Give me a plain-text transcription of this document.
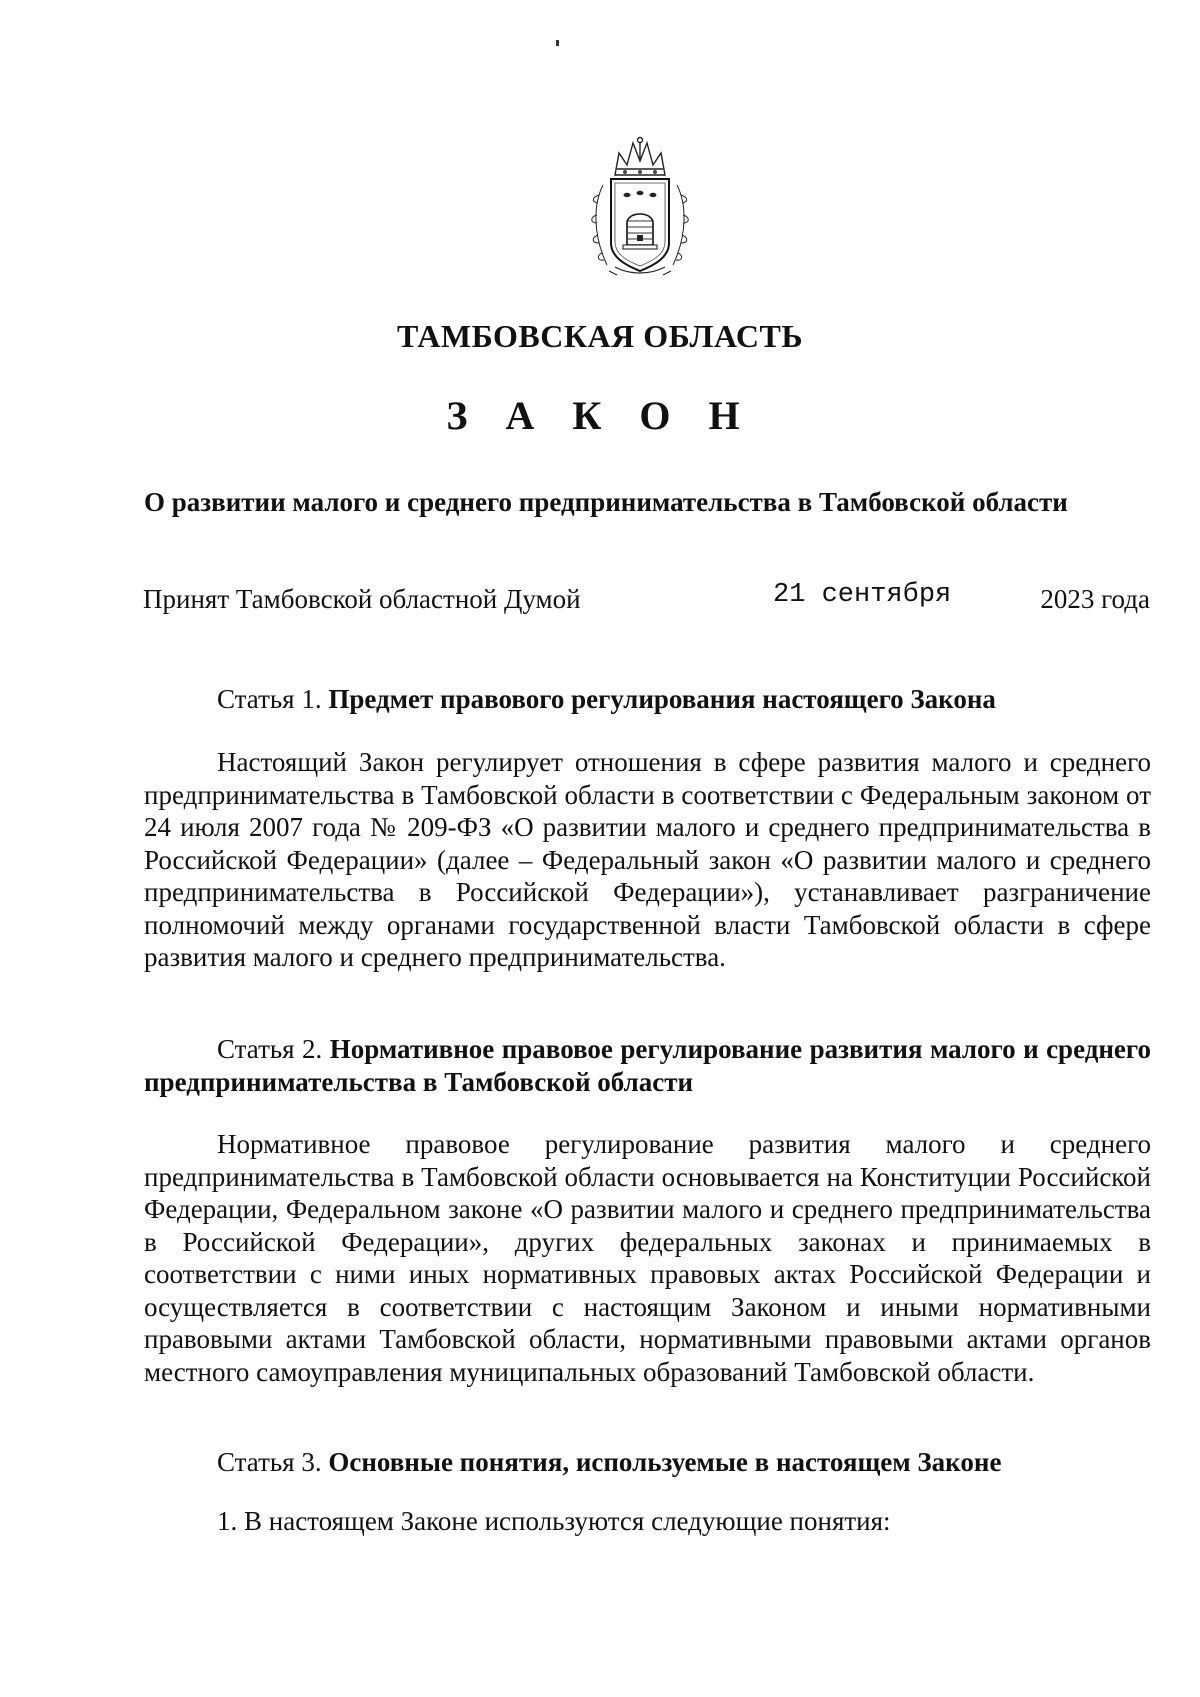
ТАМБОВСКАЯ ОБЛАСТЬ
З А К О Н
О развитии малого и среднего предпринимательства в Тамбовской области
Принят Тамбовской областной Думой	21 сентября	2023 года
Статья 1. Предмет правового регулирования настоящего Закона

Настоящий Закон регулирует отношения в сфере развития малого и среднего предпринимательства в Тамбовской области в соответствии с Федеральным законом от 24 июля 2007 года № 209-ФЗ «О развитии малого и среднего предпринимательства в Российской Федерации» (далее – Федеральный закон «О развитии малого и среднего предпринимательства в Российской Федерации»), устанавливает разграничение полномочий между органами государственной власти Тамбовской области в сфере развития малого и среднего предпринимательства.

Статья 2. Нормативное правовое регулирование развития малого и среднего предпринимательства в Тамбовской области

Нормативное правовое регулирование развития малого и среднего предпринимательства в Тамбовской области основывается на Конституции Российской Федерации, Федеральном законе «О развитии малого и среднего предпринимательства в Российской Федерации», других федеральных законах и принимаемых в соответствии с ними иных нормативных правовых актах Российской Федерации и осуществляется в соответствии с настоящим Законом и иными нормативными правовыми актами Тамбовской области, нормативными правовыми актами органов местного самоуправления муниципальных образований Тамбовской области.

Статья 3. Основные понятия, используемые в настоящем Законе
1. В настоящем Законе используются следующие понятия:
